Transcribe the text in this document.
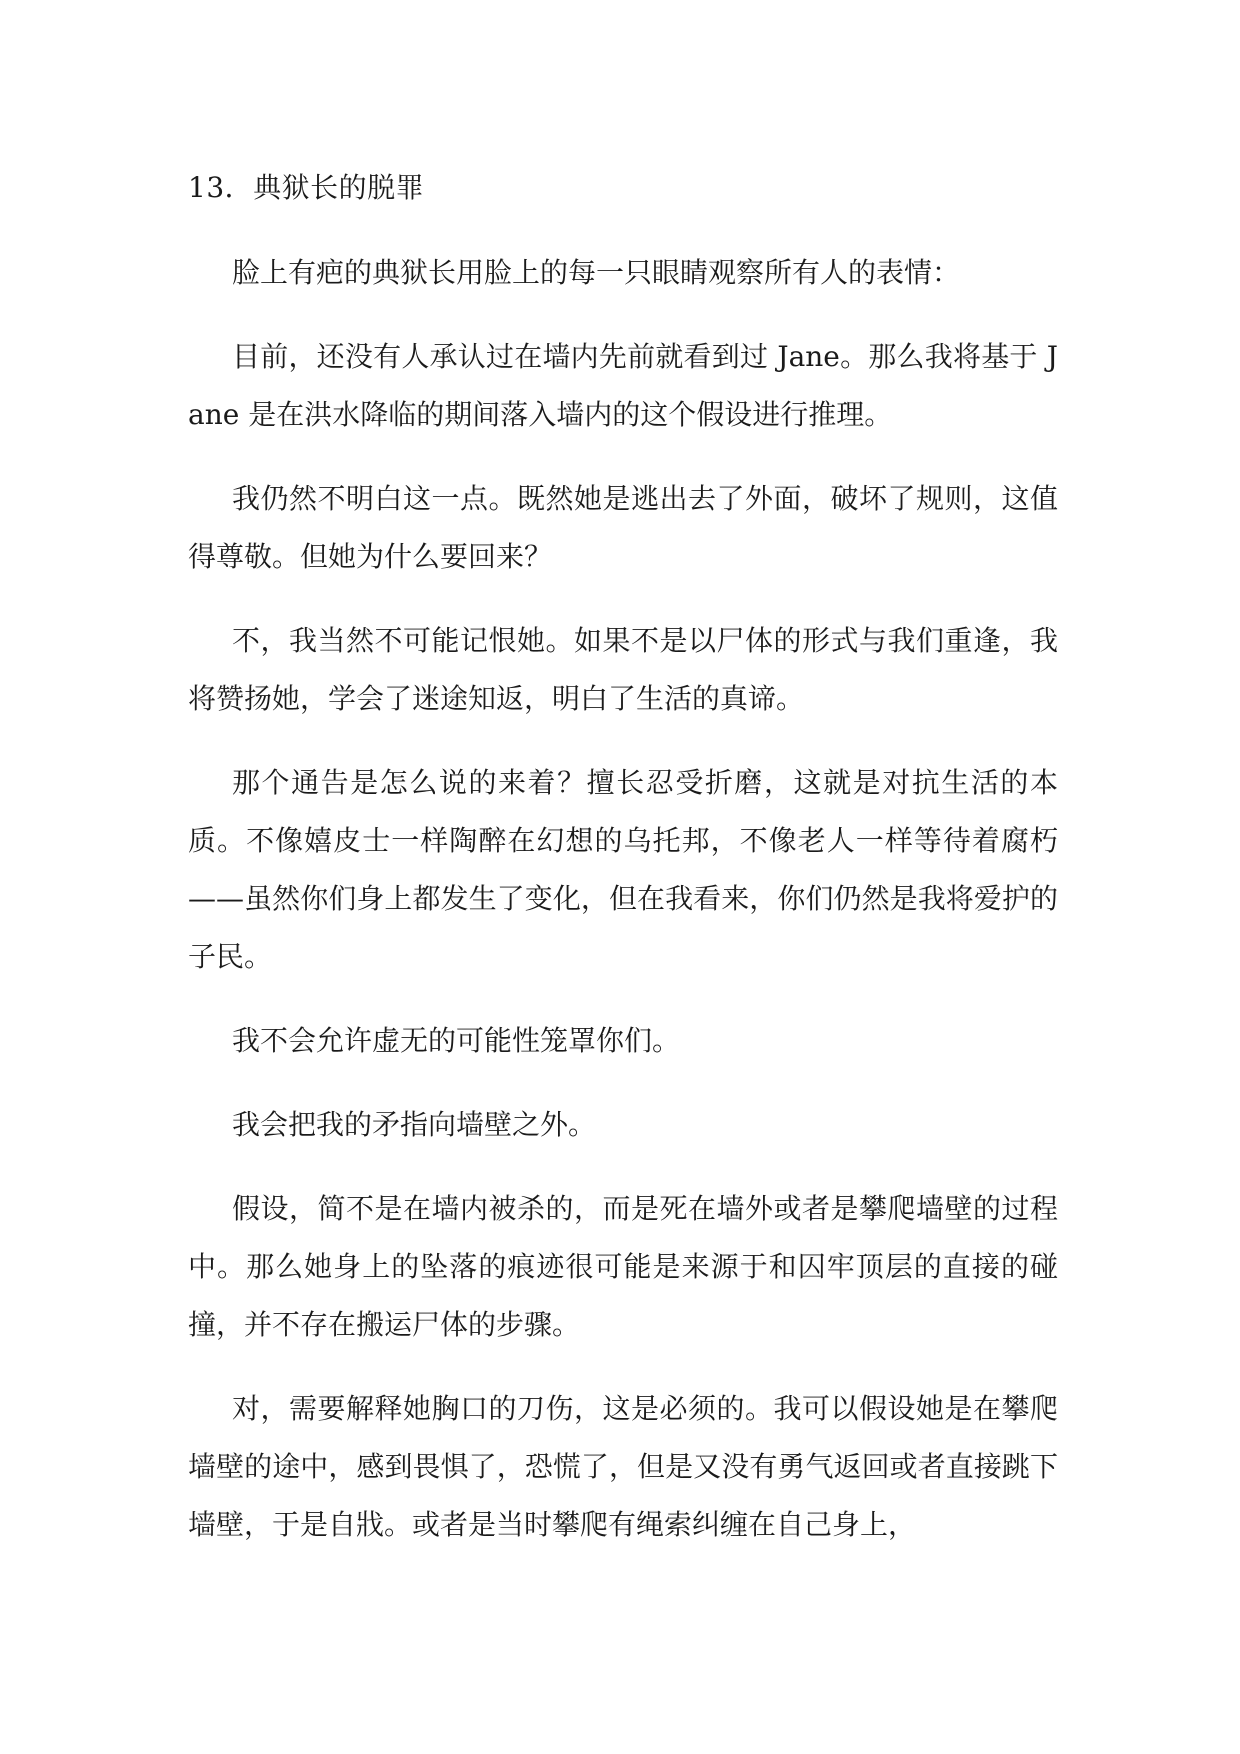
13．典狱长的脱罪

脸上有疤的典狱长用脸上的每一只眼睛观察所有人的表情：

目前，还没有人承认过在墙内先前就看到过 Jane。那么我将基于 Jane 是在洪水降临的期间落入墙内的这个假设进行推理。

我仍然不明白这一点。既然她是逃出去了外面，破坏了规则，这值得尊敬。但她为什么要回来？

不，我当然不可能记恨她。如果不是以尸体的形式与我们重逢，我将赞扬她，学会了迷途知返，明白了生活的真谛。

那个通告是怎么说的来着？擅长忍受折磨，这就是对抗生活的本质。不像嬉皮士一样陶醉在幻想的乌托邦，不像老人一样等待着腐朽——虽然你们身上都发生了变化，但在我看来，你们仍然是我将爱护的子民。

我不会允许虚无的可能性笼罩你们。

我会把我的矛指向墙壁之外。

假设，简不是在墙内被杀的，而是死在墙外或者是攀爬墙壁的过程中。那么她身上的坠落的痕迹很可能是来源于和囚牢顶层的直接的碰撞，并不存在搬运尸体的步骤。

对，需要解释她胸口的刀伤，这是必须的。我可以假设她是在攀爬墙壁的途中，感到畏惧了，恐慌了，但是又没有勇气返回或者直接跳下墙壁，于是自戕。或者是当时攀爬有绳索纠缠在自己身上，
